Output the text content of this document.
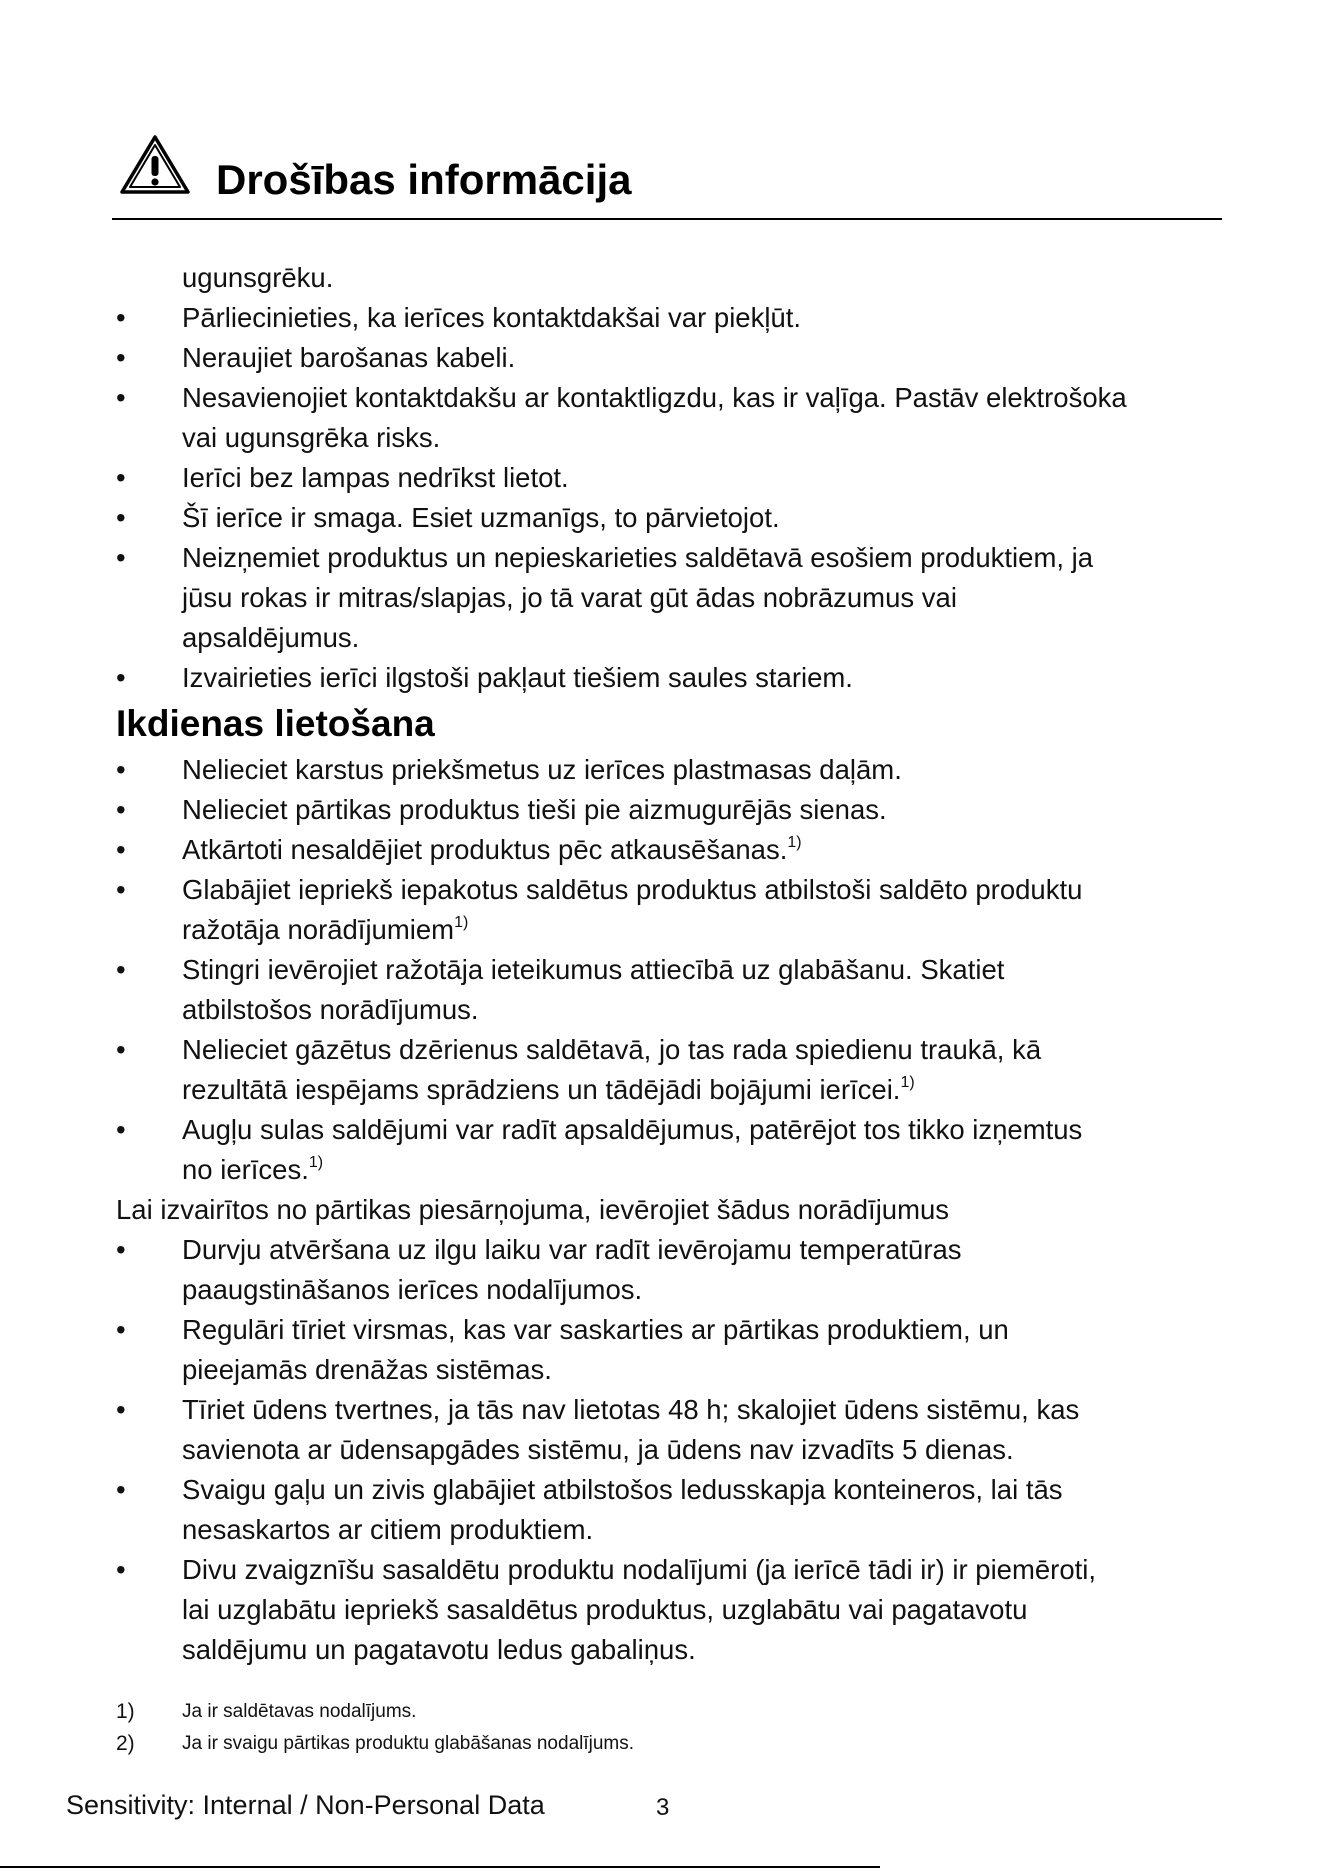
Drošības informācija
ugunsgrēku.
•	Pārliecinieties, ka ierīces kontaktdakšai var piekļūt.
•	Neraujiet barošanas kabeli.
•	Nesavienojiet kontaktdakšu ar kontaktligzdu, kas ir vaļīga. Pastāv elektrošoka
vai ugunsgrēka risks.
•	Ierīci bez lampas nedrīkst lietot.
•	Šī ierīce ir smaga. Esiet uzmanīgs, to pārvietojot.
•	Neizņemiet produktus un nepieskarieties saldētavā esošiem produktiem, ja
jūsu rokas ir mitras/slapjas, jo tā varat gūt ādas nobrāzumus vai
apsaldējumus.
•	Izvairieties ierīci ilgstoši pakļaut tiešiem saules stariem.
Ikdienas lietošana
•	Nelieciet karstus priekšmetus uz ierīces plastmasas daļām.
•	Nelieciet pārtikas produktus tieši pie aizmugurējās sienas.
•	Atkārtoti nesaldējiet produktus pēc atkausēšanas.$^{1)}$
•	Glabājiet iepriekš iepakotus saldētus produktus atbilstoši saldēto produktu
ražotāja norādījumiem$^{1)}$
•	Stingri ievērojiet ražotāja ieteikumus attiecībā uz glabāšanu. Skatiet
atbilstošos norādījumus.
•	Nelieciet gāzētus dzērienus saldētavā, jo tas rada spiedienu traukā, kā
rezultātā iespējams sprādziens un tādējādi bojājumi ierīcei.$^{1)}$
•	Augļu sulas saldējumi var radīt apsaldējumus, patērējot tos tikko izņemtus
no ierīces.$^{1)}$
Lai izvairītos no pārtikas piesārņojuma, ievērojiet šādus norādījumus
•	Durvju atvēršana uz ilgu laiku var radīt ievērojamu temperatūras
paaugstināšanos ierīces nodalījumos.
•	Regulāri tīriet virsmas, kas var saskarties ar pārtikas produktiem, un
pieejamās drenāžas sistēmas.
•	Tīriet ūdens tvertnes, ja tās nav lietotas 48 h; skalojiet ūdens sistēmu, kas
savienota ar ūdensapgādes sistēmu, ja ūdens nav izvadīts 5 dienas.
•	Svaigu gaļu un zivis glabājiet atbilstošos ledusskapja konteineros, lai tās
nesaskartos ar citiem produktiem.
•	Divu zvaigznīšu sasaldētu produktu nodalījumi (ja ierīcē tādi ir) ir piemēroti,
lai uzglabātu iepriekš sasaldētus produktus, uzglabātu vai pagatavotu
saldējumu un pagatavotu ledus gabaliņus.
1) Ja ir saldētavas nodalījums.
2) Ja ir svaigu pārtikas produktu glabāšanas nodalījums.
Sensitivity: Internal / Non-Personal Data	3
